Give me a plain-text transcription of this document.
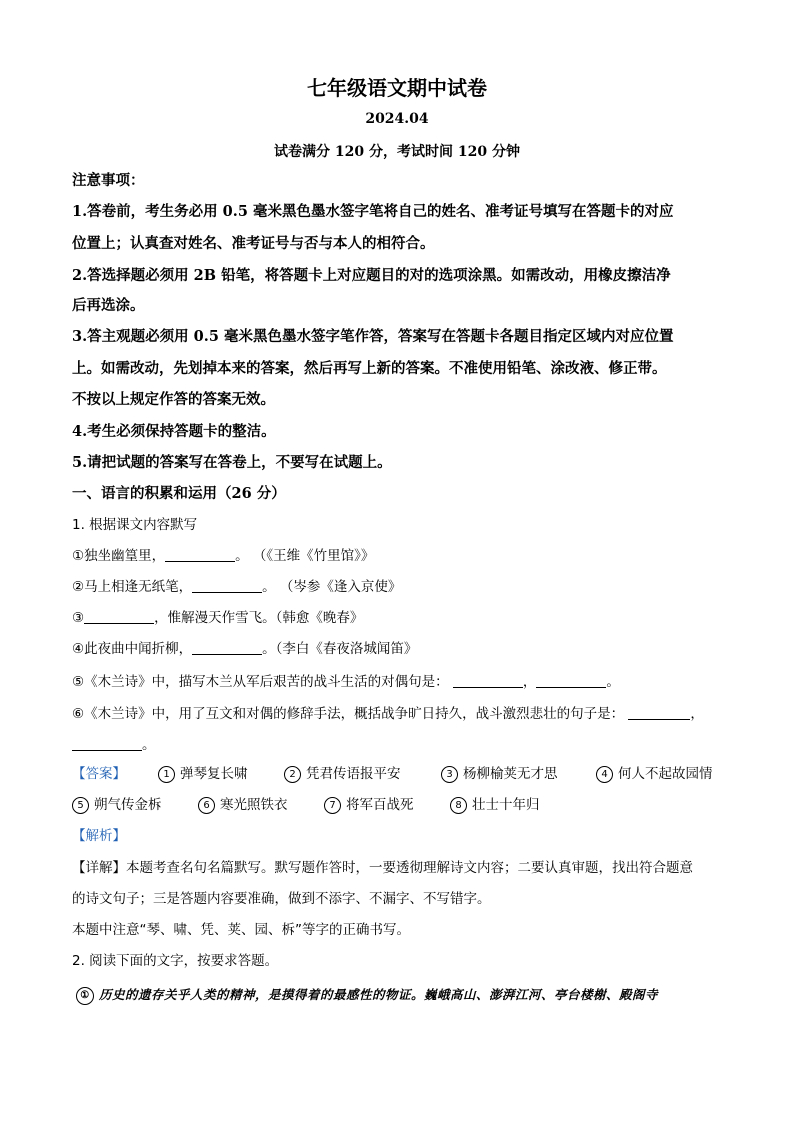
七年级语文期中试卷
2024.04
试卷满分 120 分，考试时间 120 分钟
注意事项：
1.答卷前，考生务必用 0.5 毫米黑色墨水签字笔将自己的姓名、准考证号填写在答题卡的对应
位置上；认真查对姓名、准考证号与否与本人的相符合。
2.答选择题必须用 2B 铅笔，将答题卡上对应题目的对的选项涂黑。如需改动，用橡皮擦洁净
后再选涂。
3.答主观题必须用 0.5 毫米黑色墨水签字笔作答，答案写在答题卡各题目指定区域内对应位置
上。如需改动，先划掉本来的答案，然后再写上新的答案。不准使用铅笔、涂改液、修正带。
不按以上规定作答的答案无效。
4.考生必须保持答题卡的整洁。
5.请把试题的答案写在答卷上，不要写在试题上。
一、语言的积累和运用（26 分）
1. 根据课文内容默写
①独坐幽篁里，	。 （《王维《竹里馆》》
②马上相逢无纸笔，	。 （岑参《逢入京使》
③	，惟解漫天作雪飞。（韩愈《晚春》
④此夜曲中闻折柳，	。（李白《春夜洛城闻笛》
⑤《木兰诗》中，描写木兰从军后艰苦的战斗生活的对偶句是：	，	。
⑥《木兰诗》中，用了互文和对偶的修辞手法，概括战争旷日持久，战斗激烈悲壮的句子是：	，
。
【答案】	1 弹琴复长啸	2 凭君传语报平安	3 杨柳榆荚无才思	4 何人不起故园情
5 朔气传金柝	6 寒光照铁衣	7 将军百战死	8 壮士十年归
【解析】
【详解】本题考查名句名篇默写。默写题作答时，一要透彻理解诗文内容；二要认真审题，找出符合题意
的诗文句子；三是答题内容要准确，做到不添字、不漏字、不写错字。
本题中注意“琴、啸、凭、荚、园、柝”等字的正确书写。
2. 阅读下面的文字，按要求答题。
① 历史的遗存关乎人类的精神，是摸得着的最感性的物证。巍峨高山、澎湃江河、亭台楼榭、殿阁寺
